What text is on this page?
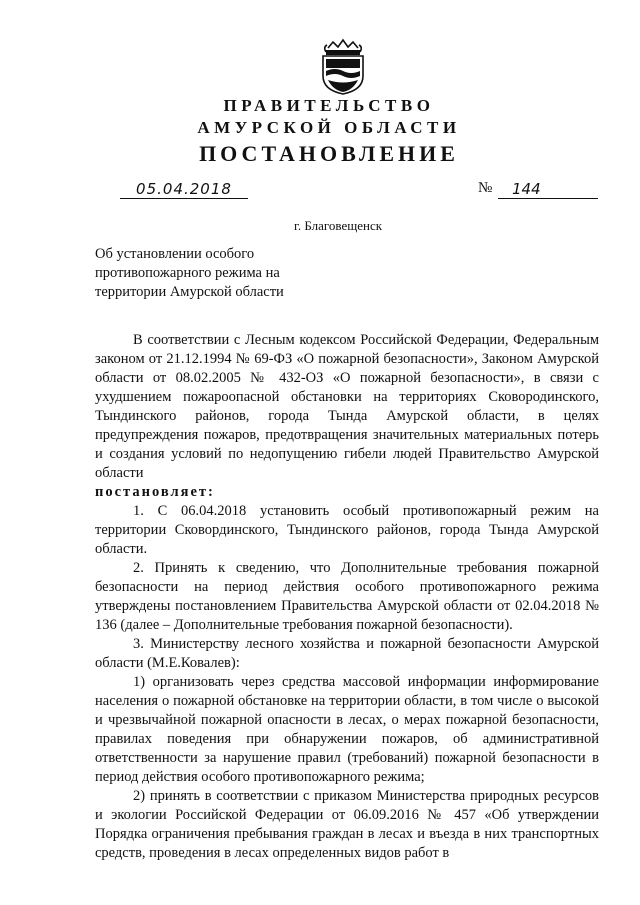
ПРАВИТЕЛЬСТВО
АМУРСКОЙ ОБЛАСТИ
ПОСТАНОВЛЕНИЕ
05.04.2018	№	144
г. Благовещенск
Об установлении особого
противопожарного режима на
территории Амурской области

В соответствии с Лесным кодексом Российской Федерации, Федеральным законом от 21.12.1994 № 69-ФЗ «О пожарной безопасности», Законом Амурской области от 08.02.2005 № 432-ОЗ «О пожарной безопасности», в связи с ухудшением пожароопасной обстановки на территориях Сковородинского, Тындинского районов, города Тында Амурской области, в целях предупреждения пожаров, предотвращения значительных материальных потерь и создания условий по недопущению гибели людей Правительство Амурской области

постановляет:

1. С 06.04.2018 установить особый противопожарный режим на территории Сковординского, Тындинского районов, города Тында Амурской области.

2. Принять к сведению, что Дополнительные требования пожарной безопасности на период действия особого противопожарного режима утверждены постановлением Правительства Амурской области от 02.04.2018 № 136 (далее – Дополнительные требования пожарной безопасности).

3. Министерству лесного хозяйства и пожарной безопасности Амурской области (М.Е.Ковалев):

1) организовать через средства массовой информации информирование населения о пожарной обстановке на территории области, в том числе о высокой и чрезвычайной пожарной опасности в лесах, о мерах пожарной безопасности, правилах поведения при обнаружении пожаров, об административной ответственности за нарушение правил (требований) пожарной безопасности в период действия особого противопожарного режима;

2) принять в соответствии с приказом Министерства природных ресурсов и экологии Российской Федерации от 06.09.2016 № 457 «Об утверждении Порядка ограничения пребывания граждан в лесах и въезда в них транспортных средств, проведения в лесах определенных видов работ в
